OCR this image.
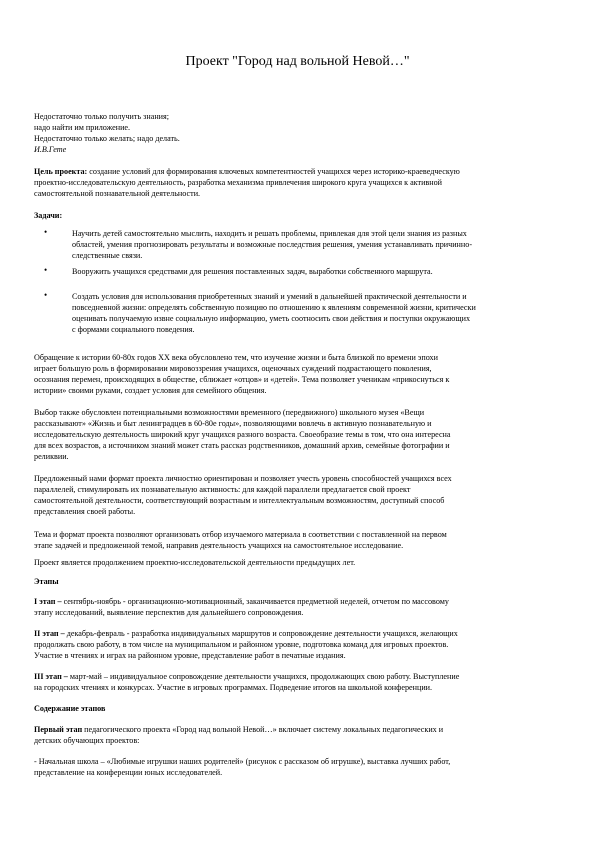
Проект "Город над вольной Невой…"
Недостаточно только получить знания;
надо найти им приложение.
Недостаточно только желать; надо делать.
И.В.Гете
Цель проекта: создание условий для формирования ключевых компетентностей учащихся через историко-краеведческую
проектно-исследовательскую деятельность, разработка механизма привлечения широкого круга учащихся к активной
самостоятельной познавательной деятельности.
Задачи:
•	Научить детей самостоятельно мыслить, находить и решать проблемы, привлекая для этой цели знания из разных
областей, умения прогнозировать результаты и возможные последствия решения, умения устанавливать причинно-
следственные связи.
•	Вооружить учащихся средствами для решения поставленных задач, выработки собственного маршрута.
•	Создать условия для использования приобретенных знаний и умений в дальнейшей практической деятельности и
повседневной жизни: определять собственную позицию по отношению к явлениям современной жизни, критически
оценивать получаемую извне социальную информацию, уметь соотносить свои действия и поступки окружающих
с формами социального поведения.
Обращение к истории 60-80х годов XX века обусловлено тем, что изучение жизни и быта близкой по времени эпохи
играет большую роль в формировании мировоззрения учащихся, оценочных суждений подрастающего поколения,
осознания перемен, происходящих в обществе, сближает «отцов» и «детей». Тема позволяет ученикам «прикоснуться к
истории» своими руками, создает условия для семейного общения.
Выбор также обусловлен потенциальными возможностями временного (передвижного) школьного музея «Вещи
рассказывают» «Жизнь и быт ленинградцев в 60-80е годы», позволяющими вовлечь в активную познавательную и
исследовательскую деятельность широкий круг учащихся разного возраста. Своеобразие темы в том, что она интересна
для всех возрастов, а источником знаний может стать рассказ родственников, домашний архив, семейные фотографии и
реликвии.
Предложенный нами формат проекта личностно ориентирован и позволяет учесть уровень способностей учащихся всех
параллелей, стимулировать их познавательную активность: для каждой параллели предлагается свой проект
самостоятельной деятельности, соответствующий возрастным и интеллектуальным возможностям, доступный способ
представления своей работы.
Тема и формат проекта позволяют организовать отбор изучаемого материала в соответствии с поставленной на первом
этапе задачей и предложенной темой, направив деятельность учащихся на самостоятельное исследование.
Проект является продолжением проектно-исследовательской деятельности предыдущих лет.
Этапы
I этап – сентябрь-ноябрь - организационно-мотивационный, заканчивается предметной неделей, отчетом по массовому
этапу исследований, выявление перспектив для дальнейшего сопровождения.
II этап – декабрь-февраль - разработка индивидуальных маршрутов и сопровождение деятельности учащихся, желающих
продолжать свою работу, в том числе на муниципальном и районном уровне, подготовка команд для игровых проектов.
Участие в чтениях и играх на районном уровне, представление работ в печатные издания.
III этап – март-май – индивидуальное сопровождение деятельности учащихся, продолжающих свою работу. Выступление
на городских чтениях и конкурсах. Участие в игровых программах. Подведение итогов на школьной конференции.
Содержание этапов
Первый этап педагогического проекта «Город над вольной Невой…» включает систему локальных педагогических и
детских обучающих проектов:
- Начальная школа – «Любимые игрушки наших родителей» (рисунок с рассказом об игрушке), выставка лучших работ,
представление на конференции юных исследователей.
